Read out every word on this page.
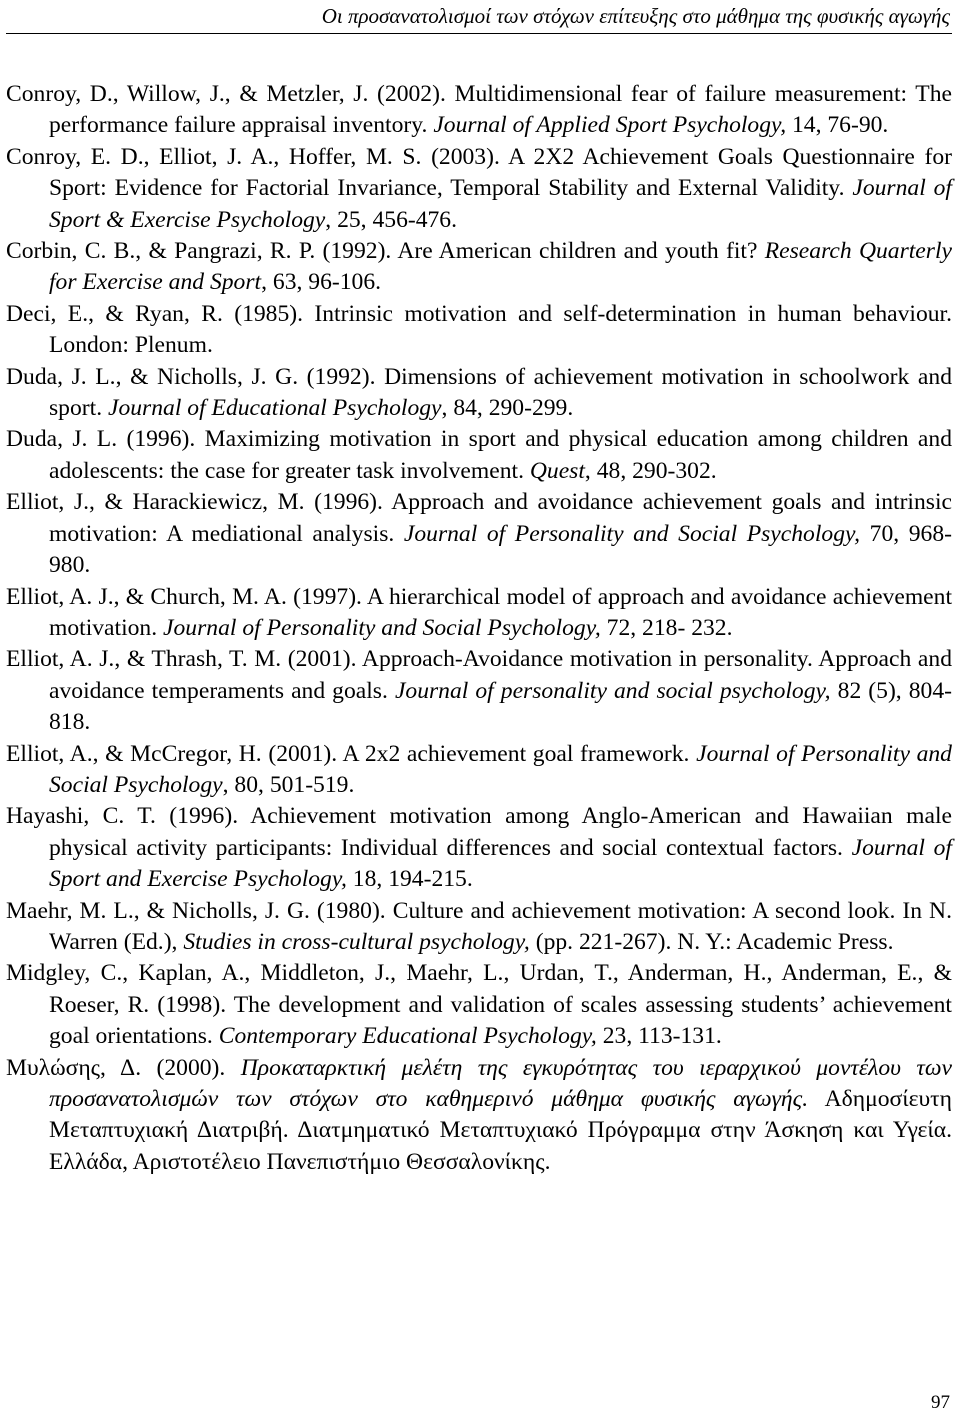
Οι προσανατολισμοί των στόχων επίτευξης στο μάθημα της φυσικής αγωγής
Conroy, D., Willow, J., & Metzler, J. (2002). Multidimensional fear of failure measurement: The performance failure appraisal inventory. Journal of Applied Sport Psychology, 14, 76-90.
Conroy, E. D., Elliot, J. A., Hoffer, M. S. (2003). A 2X2 Achievement Goals Questionnaire for Sport: Evidence for Factorial Invariance, Temporal Stability and External Validity. Journal of Sport & Exercise Psychology, 25, 456-476.
Corbin, C. B., & Pangrazi, R. P. (1992). Are American children and youth fit? Research Quarterly for Exercise and Sport, 63, 96-106.
Deci, E., & Ryan, R. (1985). Intrinsic motivation and self-determination in human behaviour. London: Plenum.
Duda, J. L., & Nicholls, J. G. (1992). Dimensions of achievement motivation in schoolwork and sport. Journal of Educational Psychology, 84, 290-299.
Duda, J. L. (1996). Maximizing motivation in sport and physical education among children and adolescents: the case for greater task involvement. Quest, 48, 290-302.
Elliot, J., & Harackiewicz, M. (1996). Approach and avoidance achievement goals and intrinsic motivation: A mediational analysis. Journal of Personality and Social Psychology, 70, 968-980.
Elliot, A. J., & Church, M. A. (1997). A hierarchical model of approach and avoidance achievement motivation. Journal of Personality and Social Psychology, 72, 218- 232.
Elliot, A. J., & Thrash, T. M. (2001). Approach-Avoidance motivation in personality. Approach and avoidance temperaments and goals. Journal of personality and social psychology, 82 (5), 804-818.
Elliot, A., & McCregor, H. (2001). A 2x2 achievement goal framework. Journal of Personality and Social Psychology, 80, 501-519.
Hayashi, C. T. (1996). Achievement motivation among Anglo-American and Hawaiian male physical activity participants: Individual differences and social contextual factors. Journal of Sport and Exercise Psychology, 18, 194-215.
Maehr, M. L., & Nicholls, J. G. (1980). Culture and achievement motivation: A second look. In N. Warren (Ed.), Studies in cross-cultural psychology, (pp. 221-267). N. Y.: Academic Press.
Midgley, C., Kaplan, A., Middleton, J., Maehr, L., Urdan, T., Anderman, H., Anderman, E., & Roeser, R. (1998). The development and validation of scales assessing students’ achievement goal orientations. Contemporary Educational Psychology, 23, 113-131.
Μυλώσης, Δ. (2000). Προκαταρκτική μελέτη της εγκυρότητας του ιεραρχικού μοντέλου των προσανατολισμών των στόχων στο καθημερινό μάθημα φυσικής αγωγής. Αδημοσίευτη Μεταπτυχιακή Διατριβή. Διατμηματικό Μεταπτυχιακό Πρόγραμμα στην Άσκηση και Υγεία. Ελλάδα, Αριστοτέλειο Πανεπιστήμιο Θεσσαλονίκης.
97
